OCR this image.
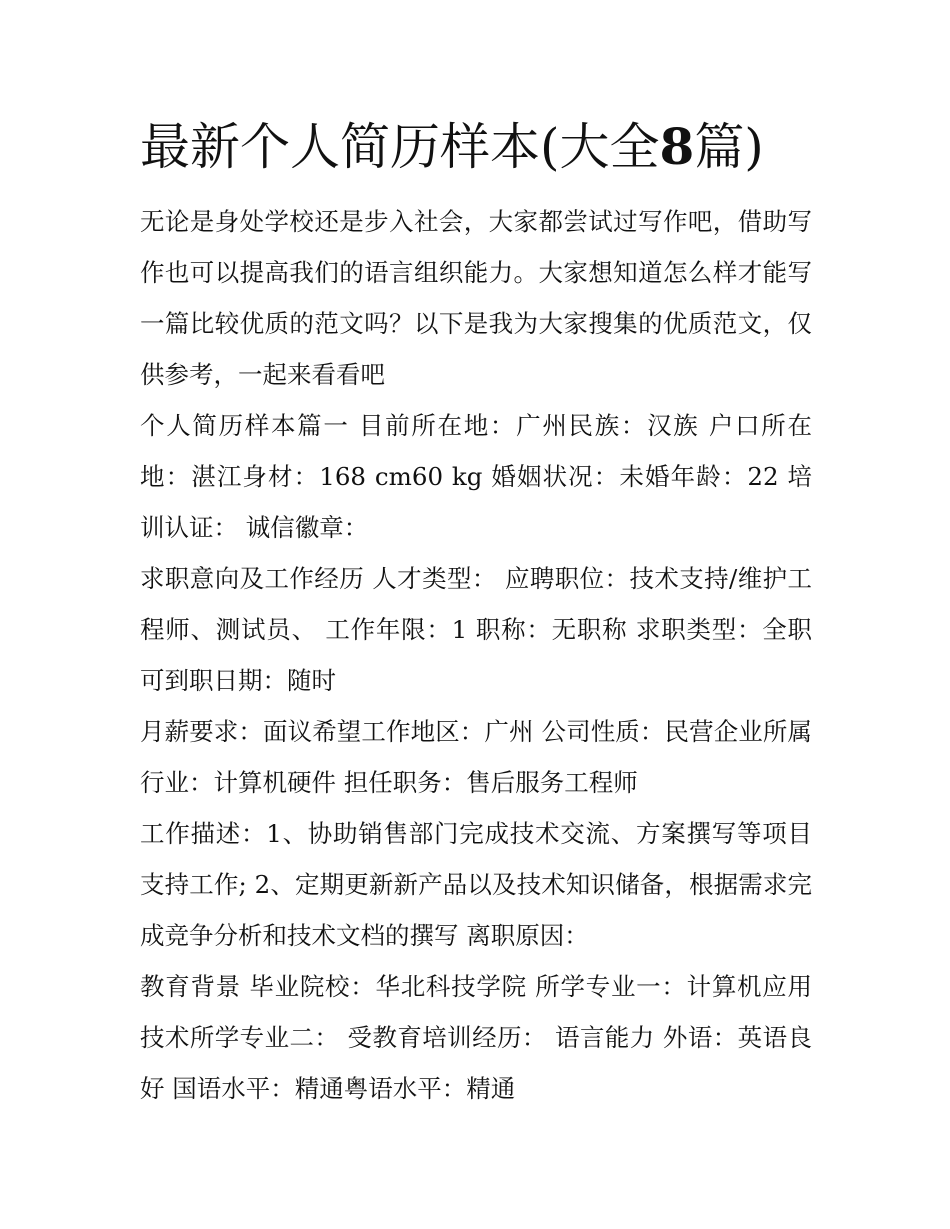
最新个人简历样本(大全8篇)

无论是身处学校还是步入社会，大家都尝试过写作吧，借助写作也可以提高我们的语言组织能力。大家想知道怎么样才能写一篇比较优质的范文吗？以下是我为大家搜集的优质范文，仅供参考，一起来看看吧

个人简历样本篇一 目前所在地：广州民族：汉族 户口所在地：湛江身材：168 cm60 kg 婚姻状况：未婚年龄：22 培训认证： 诚信徽章：

求职意向及工作经历 人才类型： 应聘职位：技术支持/维护工程师、测试员、 工作年限：1 职称：无职称 求职类型：全职可到职日期：随时

月薪要求：面议希望工作地区：广州 公司性质：民营企业所属行业：计算机硬件 担任职务：售后服务工程师

工作描述：1、协助销售部门完成技术交流、方案撰写等项目支持工作; 2、定期更新新产品以及技术知识储备，根据需求完成竞争分析和技术文档的撰写 离职原因：

教育背景 毕业院校：华北科技学院 所学专业一：计算机应用技术所学专业二： 受教育培训经历： 语言能力 外语：英语良好 国语水平：精通粤语水平：精通
